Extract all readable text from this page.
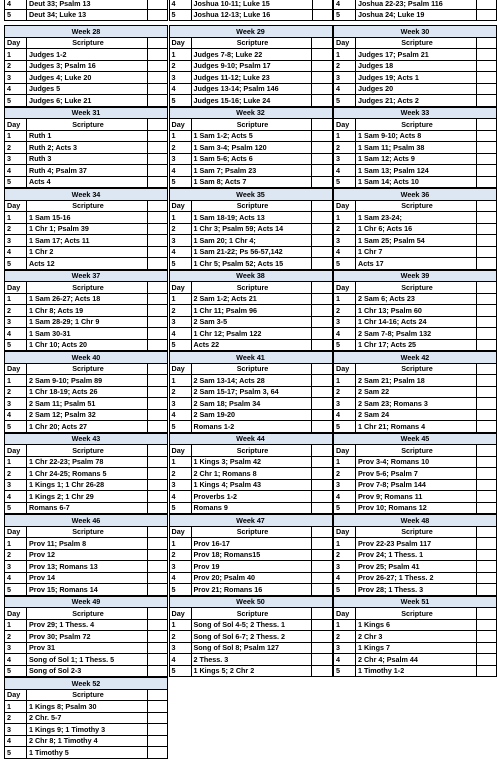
4	Deut 33; Psalm 13	
5	Deut 34; Luke 13	
4	Joshua 10-11; Luke 15	
5	Joshua 12-13; Luke 16	
4	Joshua 22-23; Psalm 116	
5	Joshua 24; Luke 19	
Week 28		
Day	Scripture	
1	Judges 1-2	
2	Judges 3; Psalm 16	
3	Judges 4; Luke 20	
4	Judges 5	
5	Judges 6; Luke 21	
Week 29		
Day	Scripture	
1	Judges 7-8; Luke 22	
2	Judges 9-10; Psalm 17	
3	Judges 11-12; Luke 23	
4	Judges 13-14; Psalm 146	
5	Judges 15-16; Luke 24	
Week 30		
Day	Scripture	
1	Judges 17; Psalm 21	
2	Judges 18	
3	Judges 19; Acts 1	
4	Judges 20	
5	Judges 21; Acts 2	
Week 31		
Day	Scripture	
1	Ruth 1	
2	Ruth 2; Acts 3	
3	Ruth 3	
4	Ruth 4; Psalm 37	
5	Acts 4	
Week 32		
Day	Scripture	
1	1 Sam 1-2; Acts 5	
2	1 Sam 3-4; Psalm 120	
3	1 Sam 5-6; Acts 6	
4	1 Sam 7; Psalm 23	
5	1 Sam 8; Acts 7	
Week 33		
Day	Scripture	
1	1 Sam 9-10; Acts 8	
2	1 Sam 11; Psalm 38	
3	1 Sam 12; Acts 9	
4	1 Sam 13; Psalm 124	
5	1 Sam 14; Acts 10	
Week 34		
Day	Scripture	
1	1 Sam 15-16	
2	1 Chr 1; Psalm 39	
3	1 Sam 17; Acts 11	
4	1 Chr 2	
5	Acts 12	
Week 35		
Day	Scripture	
1	1 Sam 18-19; Acts 13	
2	1 Chr 3; Psalm 59; Acts 14	
3	1 Sam 20; 1 Chr 4;	
4	1 Sam 21-22; Ps 56-57,142	
5	1 Chr 5; Psalm 52; Acts 15	
Week 36		
Day	Scripture	
1	1 Sam 23-24;	
2	1 Chr 6; Acts 16	
3	1 Sam 25; Psalm 54	
4	1 Chr 7	
5	Acts 17	
Week 37		
Day	Scripture	
1	1 Sam 26-27; Acts 18	
2	1 Chr 8; Acts 19	
3	1 Sam 28-29; 1 Chr 9	
4	1 Sam 30-31	
5	1 Chr 10; Acts 20	
Week 38		
Day	Scripture	
1	2 Sam 1-2; Acts 21	
2	1 Chr 11; Psalm 96	
3	2 Sam 3-5	
4	1 Chr 12; Psalm 122	
5	Acts 22	
Week 39		
Day	Scripture	
1	2 Sam 6; Acts 23	
2	1 Chr 13; Psalm 60	
3	1 Chr 14-16; Acts 24	
4	2 Sam 7-8; Psalm 132	
5	1 Chr 17; Acts 25	
Week 40		
Day	Scripture	
1	2 Sam 9-10; Psalm 89	
2	1 Chr 18-19; Acts 26	
3	2 Sam 11; Psalm 51	
4	2 Sam 12; Psalm 32	
5	1 Chr 20; Acts 27	
Week 41		
Day	Scripture	
1	2 Sam 13-14; Acts 28	
2	2 Sam 15-17; Psalm 3, 64	
3	2 Sam 18; Psalm 34	
4	2 Sam 19-20	
5	Romans 1-2	
Week 42		
Day	Scripture	
1	2 Sam 21; Psalm 18	
2	2 Sam 22	
3	2 Sam 23; Romans 3	
4	2 Sam 24	
5	1 Chr 21; Romans 4	
Week 43		
Day	Scripture	
1	1 Chr 22-23; Psalm 78	
2	1 Chr 24-25; Romans 5	
3	1 Kings 1; 1 Chr 26-28	
4	1 Kings 2; 1 Chr 29	
5	Romans 6-7	
Week 44		
Day	Scripture	
1	1 Kings 3; Psalm 42	
2	2 Chr 1; Romans 8	
3	1 Kings 4; Psalm 43	
4	Proverbs 1-2	
5	Romans 9	
Week 45		
Day	Scripture	
1	Prov 3-4; Romans 10	
2	Prov 5-6; Psalm 7	
3	Prov 7-8; Psalm 144	
4	Prov 9; Romans 11	
5	Prov 10; Romans 12	
Week 46		
Day	Scripture	
1	Prov 11; Psalm 8	
2	Prov 12	
3	Prov 13; Romans 13	
4	Prov 14	
5	Prov 15; Romans 14	
Week 47		
Day	Scripture	
1	Prov 16-17	
2	Prov 18; Romans15	
3	Prov 19	
4	Prov 20; Psalm 40	
5	Prov 21; Romans 16	
Week 48		
Day	Scripture	
1	Prov 22-23 Psalm 117	
2	Prov 24; 1 Thess. 1	
3	Prov 25; Psalm 41	
4	Prov 26-27; 1 Thess. 2	
5	Prov 28; 1 Thess. 3	
Week 49		
Day	Scripture	
1	Prov 29; 1 Thess. 4	
2	Prov 30; Psalm 72	
3	Prov 31	
4	Song of Sol 1; 1 Thess. 5	
5	Song of Sol 2-3	
Week 50		
Day	Scripture	
1	Song of Sol 4-5; 2 Thess. 1	
2	Song of Sol 6-7; 2 Thess. 2	
3	Song of Sol 8; Psalm 127	
4	2 Thess. 3	
5	1 Kings 5; 2 Chr 2	
Week 51		
Day	Scripture	
1	1 Kings 6	
2	2 Chr 3	
3	1 Kings 7	
4	2 Chr 4; Psalm 44	
5	1 Timothy 1-2	
Week 52		
Day	Scripture	
1	1 Kings 8; Psalm 30	
2	2 Chr. 5-7	
3	1 Kings 9; 1 Timothy 3	
4	2 Chr 8; 1 Timothy 4	
5	1 Timothy 5	
